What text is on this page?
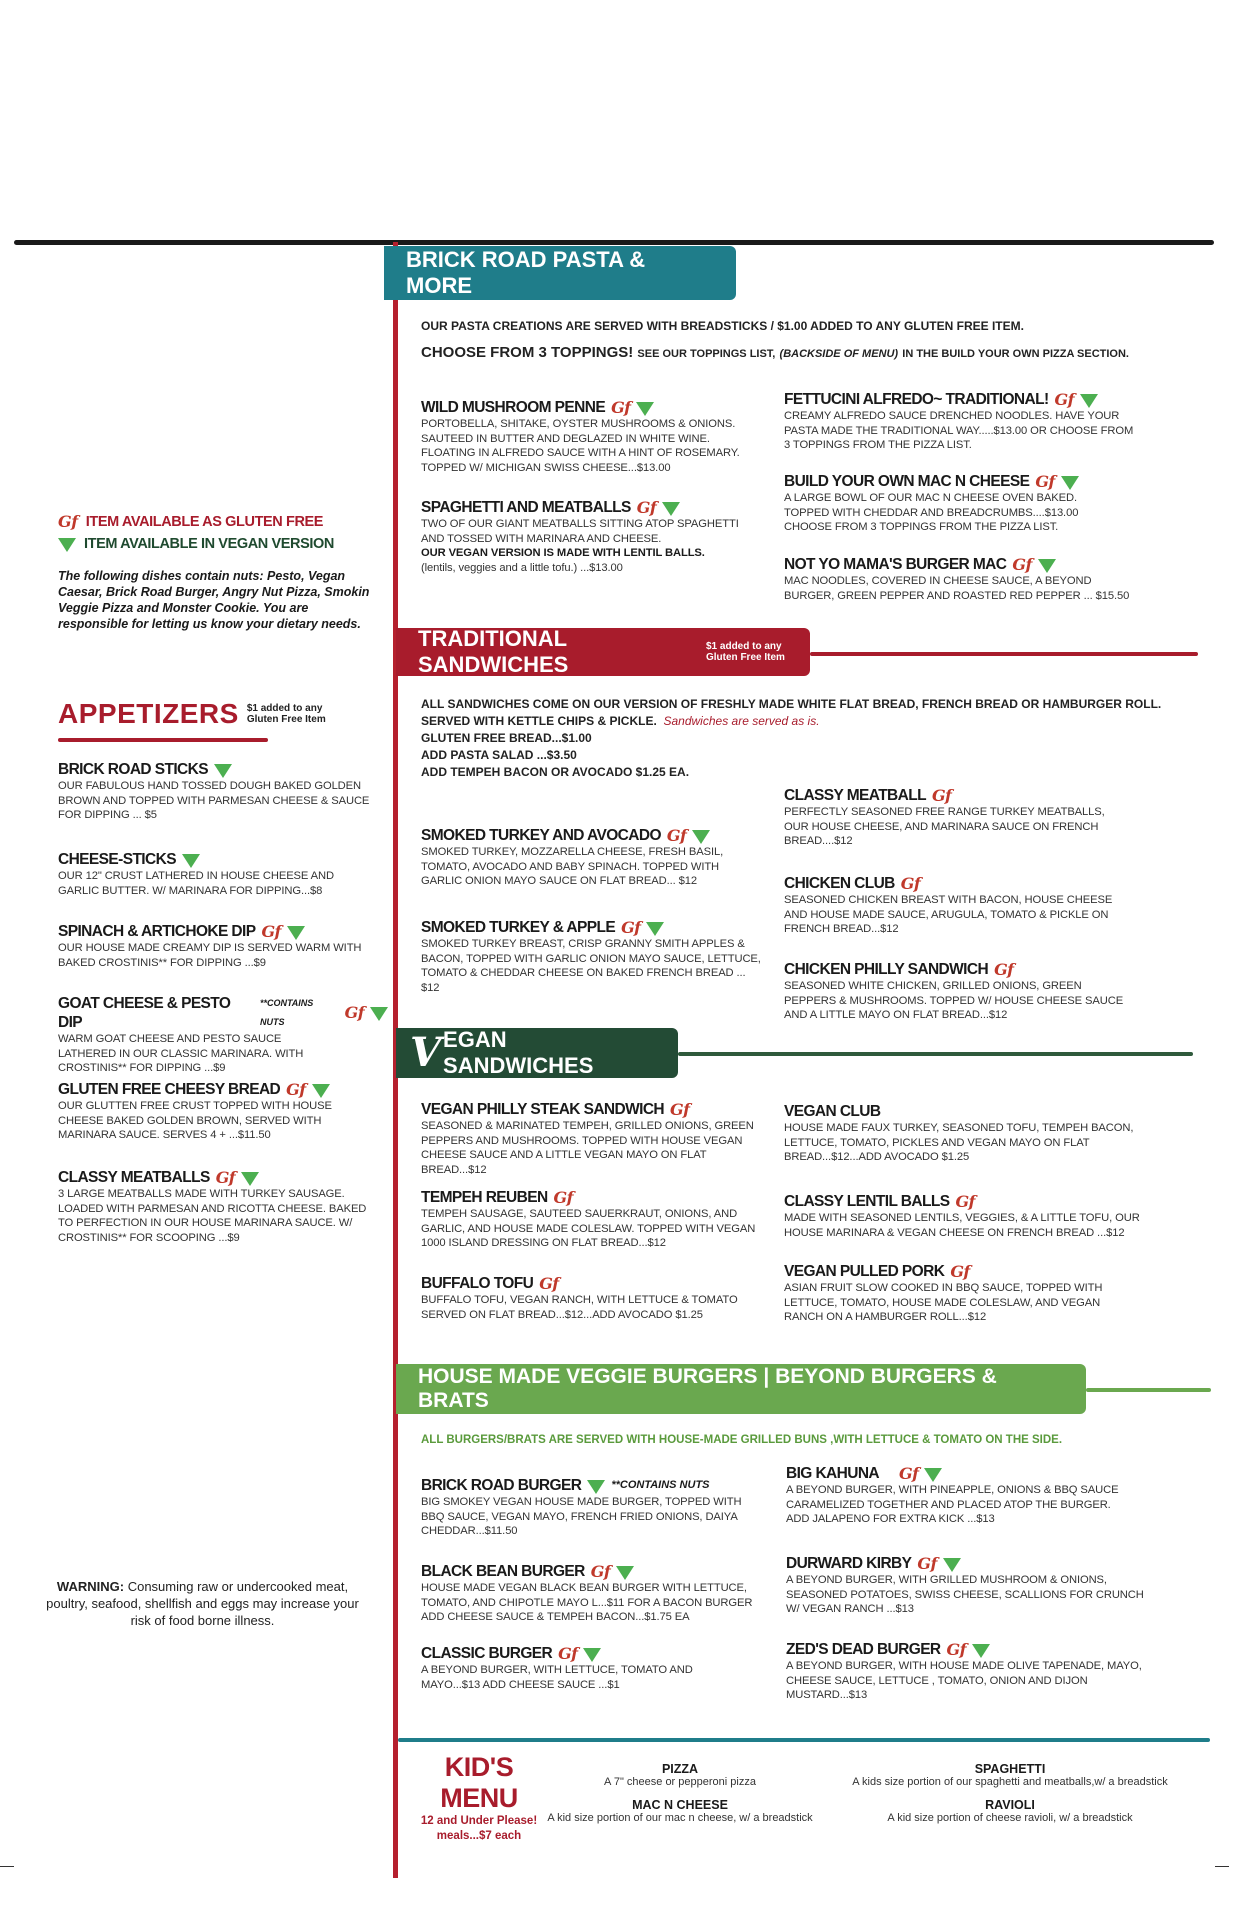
Gf ITEM AVAILABLE AS GLUTEN FREE
ITEM AVAILABLE IN VEGAN VERSION
The following dishes contain nuts: Pesto, Vegan Caesar, Brick Road Burger, Angry Nut Pizza, Smokin Veggie Pizza and Monster Cookie. You are responsible for letting us know your dietary needs.
APPETIZERS $1 added to any Gluten Free Item
BRICK ROAD STICKS
OUR FABULOUS HAND TOSSED DOUGH BAKED GOLDEN BROWN AND TOPPED WITH PARMESAN CHEESE & SAUCE FOR DIPPING ... $5
CHEESE-STICKS
OUR 12" CRUST LATHERED IN HOUSE CHEESE AND GARLIC BUTTER. W/ MARINARA FOR DIPPING...$8
SPINACH & ARTICHOKE DIP Gf
OUR HOUSE MADE CREAMY DIP IS SERVED WARM WITH BAKED CROSTINIS** FOR DIPPING ...$9
GOAT CHEESE & PESTO DIP
**CONTAINS NUTS	Gf
WARM GOAT CHEESE AND PESTO SAUCE LATHERED IN OUR CLASSIC MARINARA. WITH CROSTINIS** FOR DIPPING ...$9
GLUTEN FREE CHEESY BREAD Gf
OUR GLUTTEN FREE CRUST TOPPED WITH HOUSE CHEESE BAKED GOLDEN BROWN, SERVED WITH MARINARA SAUCE. SERVES 4 + ...$11.50
CLASSY MEATBALLS Gf
3 LARGE MEATBALLS MADE WITH TURKEY SAUSAGE. LOADED WITH PARMESAN AND RICOTTA CHEESE. BAKED TO PERFECTION IN OUR HOUSE MARINARA SAUCE. W/ CROSTINIS** FOR SCOOPING ...$9
WARNING: Consuming raw or undercooked meat, poultry, seafood, shellfish and eggs may increase your risk of food borne illness.
BRICK ROAD PASTA & MORE
OUR PASTA CREATIONS ARE SERVED WITH BREADSTICKS / $1.00 ADDED TO ANY GLUTEN FREE ITEM.
CHOOSE FROM 3 TOPPINGS! SEE OUR TOPPINGS LIST, (BACKSIDE OF MENU) IN THE BUILD YOUR OWN PIZZA SECTION.
WILD MUSHROOM PENNE Gf
PORTOBELLA, SHITAKE, OYSTER MUSHROOMS & ONIONS. SAUTEED IN BUTTER AND DEGLAZED IN WHITE WINE. FLOATING IN ALFREDO SAUCE WITH A HINT OF ROSEMARY. TOPPED W/ MICHIGAN SWISS CHEESE...$13.00
SPAGHETTI AND MEATBALLS Gf
TWO OF OUR GIANT MEATBALLS SITTING ATOP SPAGHETTI AND TOSSED WITH MARINARA AND CHEESE.
OUR VEGAN VERSION IS MADE WITH LENTIL BALLS.
(lentils, veggies and a little tofu.) ...$13.00
FETTUCINI ALFREDO~ TRADITIONAL! Gf
CREAMY ALFREDO SAUCE DRENCHED NOODLES. HAVE YOUR PASTA MADE THE TRADITIONAL WAY.....$13.00 OR CHOOSE FROM 3 TOPPINGS FROM THE PIZZA LIST.
BUILD YOUR OWN MAC N CHEESE Gf
A LARGE BOWL OF OUR MAC N CHEESE OVEN BAKED. TOPPED WITH CHEDDAR AND BREADCRUMBS....$13.00 CHOOSE FROM 3 TOPPINGS FROM THE PIZZA LIST.
NOT YO MAMA'S BURGER MAC Gf
MAC NOODLES, COVERED IN CHEESE SAUCE, A BEYOND BURGER, GREEN PEPPER AND ROASTED RED PEPPER ... $15.50
TRADITIONAL SANDWICHES
$1 added to any Gluten Free Item
ALL SANDWICHES COME ON OUR VERSION OF FRESHLY MADE WHITE FLAT BREAD, FRENCH BREAD OR HAMBURGER ROLL.
SERVED WITH KETTLE CHIPS & PICKLE. Sandwiches are served as is.
GLUTEN FREE BREAD...$1.00
ADD PASTA SALAD ...$3.50
ADD TEMPEH BACON OR AVOCADO $1.25 EA.
SMOKED TURKEY AND AVOCADO Gf
SMOKED TURKEY, MOZZARELLA CHEESE, FRESH BASIL, TOMATO, AVOCADO AND BABY SPINACH. TOPPED WITH GARLIC ONION MAYO SAUCE ON FLAT BREAD... $12
SMOKED TURKEY & APPLE Gf
SMOKED TURKEY BREAST, CRISP GRANNY SMITH APPLES & BACON, TOPPED WITH GARLIC ONION MAYO SAUCE, LETTUCE, TOMATO & CHEDDAR CHEESE ON BAKED FRENCH BREAD ... $12
CLASSY MEATBALL Gf
PERFECTLY SEASONED FREE RANGE TURKEY MEATBALLS, OUR HOUSE CHEESE, AND MARINARA SAUCE ON FRENCH BREAD....$12
CHICKEN CLUB Gf
SEASONED CHICKEN BREAST WITH BACON, HOUSE CHEESE AND HOUSE MADE SAUCE, ARUGULA, TOMATO & PICKLE ON FRENCH BREAD...$12
CHICKEN PHILLY SANDWICH Gf
SEASONED WHITE CHICKEN, GRILLED ONIONS, GREEN PEPPERS & MUSHROOMS. TOPPED W/ HOUSE CHEESE SAUCE AND A LITTLE MAYO ON FLAT BREAD...$12
V EGAN SANDWICHES
VEGAN PHILLY STEAK SANDWICH Gf
SEASONED & MARINATED TEMPEH, GRILLED ONIONS, GREEN PEPPERS AND MUSHROOMS. TOPPED WITH HOUSE VEGAN CHEESE SAUCE AND A LITTLE VEGAN MAYO ON FLAT BREAD...$12
TEMPEH REUBEN Gf
TEMPEH SAUSAGE, SAUTEED SAUERKRAUT, ONIONS, AND GARLIC, AND HOUSE MADE COLESLAW. TOPPED WITH VEGAN 1000 ISLAND DRESSING ON FLAT BREAD...$12
BUFFALO TOFU Gf
BUFFALO TOFU, VEGAN RANCH, WITH LETTUCE & TOMATO SERVED ON FLAT BREAD...$12...ADD AVOCADO $1.25
VEGAN CLUB
HOUSE MADE FAUX TURKEY, SEASONED TOFU, TEMPEH BACON, LETTUCE, TOMATO, PICKLES AND VEGAN MAYO ON FLAT BREAD...$12...ADD AVOCADO $1.25
CLASSY LENTIL BALLS Gf
MADE WITH SEASONED LENTILS, VEGGIES, & A LITTLE TOFU, OUR HOUSE MARINARA & VEGAN CHEESE ON FRENCH BREAD ...$12
VEGAN PULLED PORK Gf
ASIAN FRUIT SLOW COOKED IN BBQ SAUCE, TOPPED WITH LETTUCE, TOMATO, HOUSE MADE COLESLAW, AND VEGAN RANCH ON A HAMBURGER ROLL...$12
HOUSE MADE VEGGIE BURGERS | BEYOND BURGERS & BRATS
ALL BURGERS/BRATS ARE SERVED WITH HOUSE-MADE GRILLED BUNS ,WITH LETTUCE & TOMATO ON THE SIDE.
BRICK ROAD BURGER	**CONTAINS NUTS
BIG SMOKEY VEGAN HOUSE MADE BURGER, TOPPED WITH BBQ SAUCE, VEGAN MAYO, FRENCH FRIED ONIONS, DAIYA CHEDDAR...$11.50
BLACK BEAN BURGER Gf
HOUSE MADE VEGAN BLACK BEAN BURGER WITH LETTUCE, TOMATO, AND CHIPOTLE MAYO L...$11 FOR A BACON BURGER ADD CHEESE SAUCE & TEMPEH BACON...$1.75 EA
CLASSIC BURGER Gf
A BEYOND BURGER, WITH LETTUCE, TOMATO AND MAYO...$13 ADD CHEESE SAUCE ...$1
BIG KAHUNA Gf
A BEYOND BURGER, WITH PINEAPPLE, ONIONS & BBQ SAUCE CARAMELIZED TOGETHER AND PLACED ATOP THE BURGER. ADD JALAPENO FOR EXTRA KICK ...$13
DURWARD KIRBY Gf
A BEYOND BURGER, WITH GRILLED MUSHROOM & ONIONS, SEASONED POTATOES, SWISS CHEESE, SCALLIONS FOR CRUNCH W/ VEGAN RANCH ...$13
ZED'S DEAD BURGER Gf
A BEYOND BURGER, WITH HOUSE MADE OLIVE TAPENADE, MAYO, CHEESE SAUCE, LETTUCE , TOMATO, ONION AND DIJON MUSTARD...$13
KID'S MENU
12 and Under Please!
meals...$7 each
PIZZA
A 7" cheese or pepperoni pizza
MAC N CHEESE
A kid size portion of our mac n cheese, w/ a breadstick
SPAGHETTI
A kids size portion of our spaghetti and meatballs,w/ a breadstick
RAVIOLI
A kid size portion of cheese ravioli, w/ a breadstick
